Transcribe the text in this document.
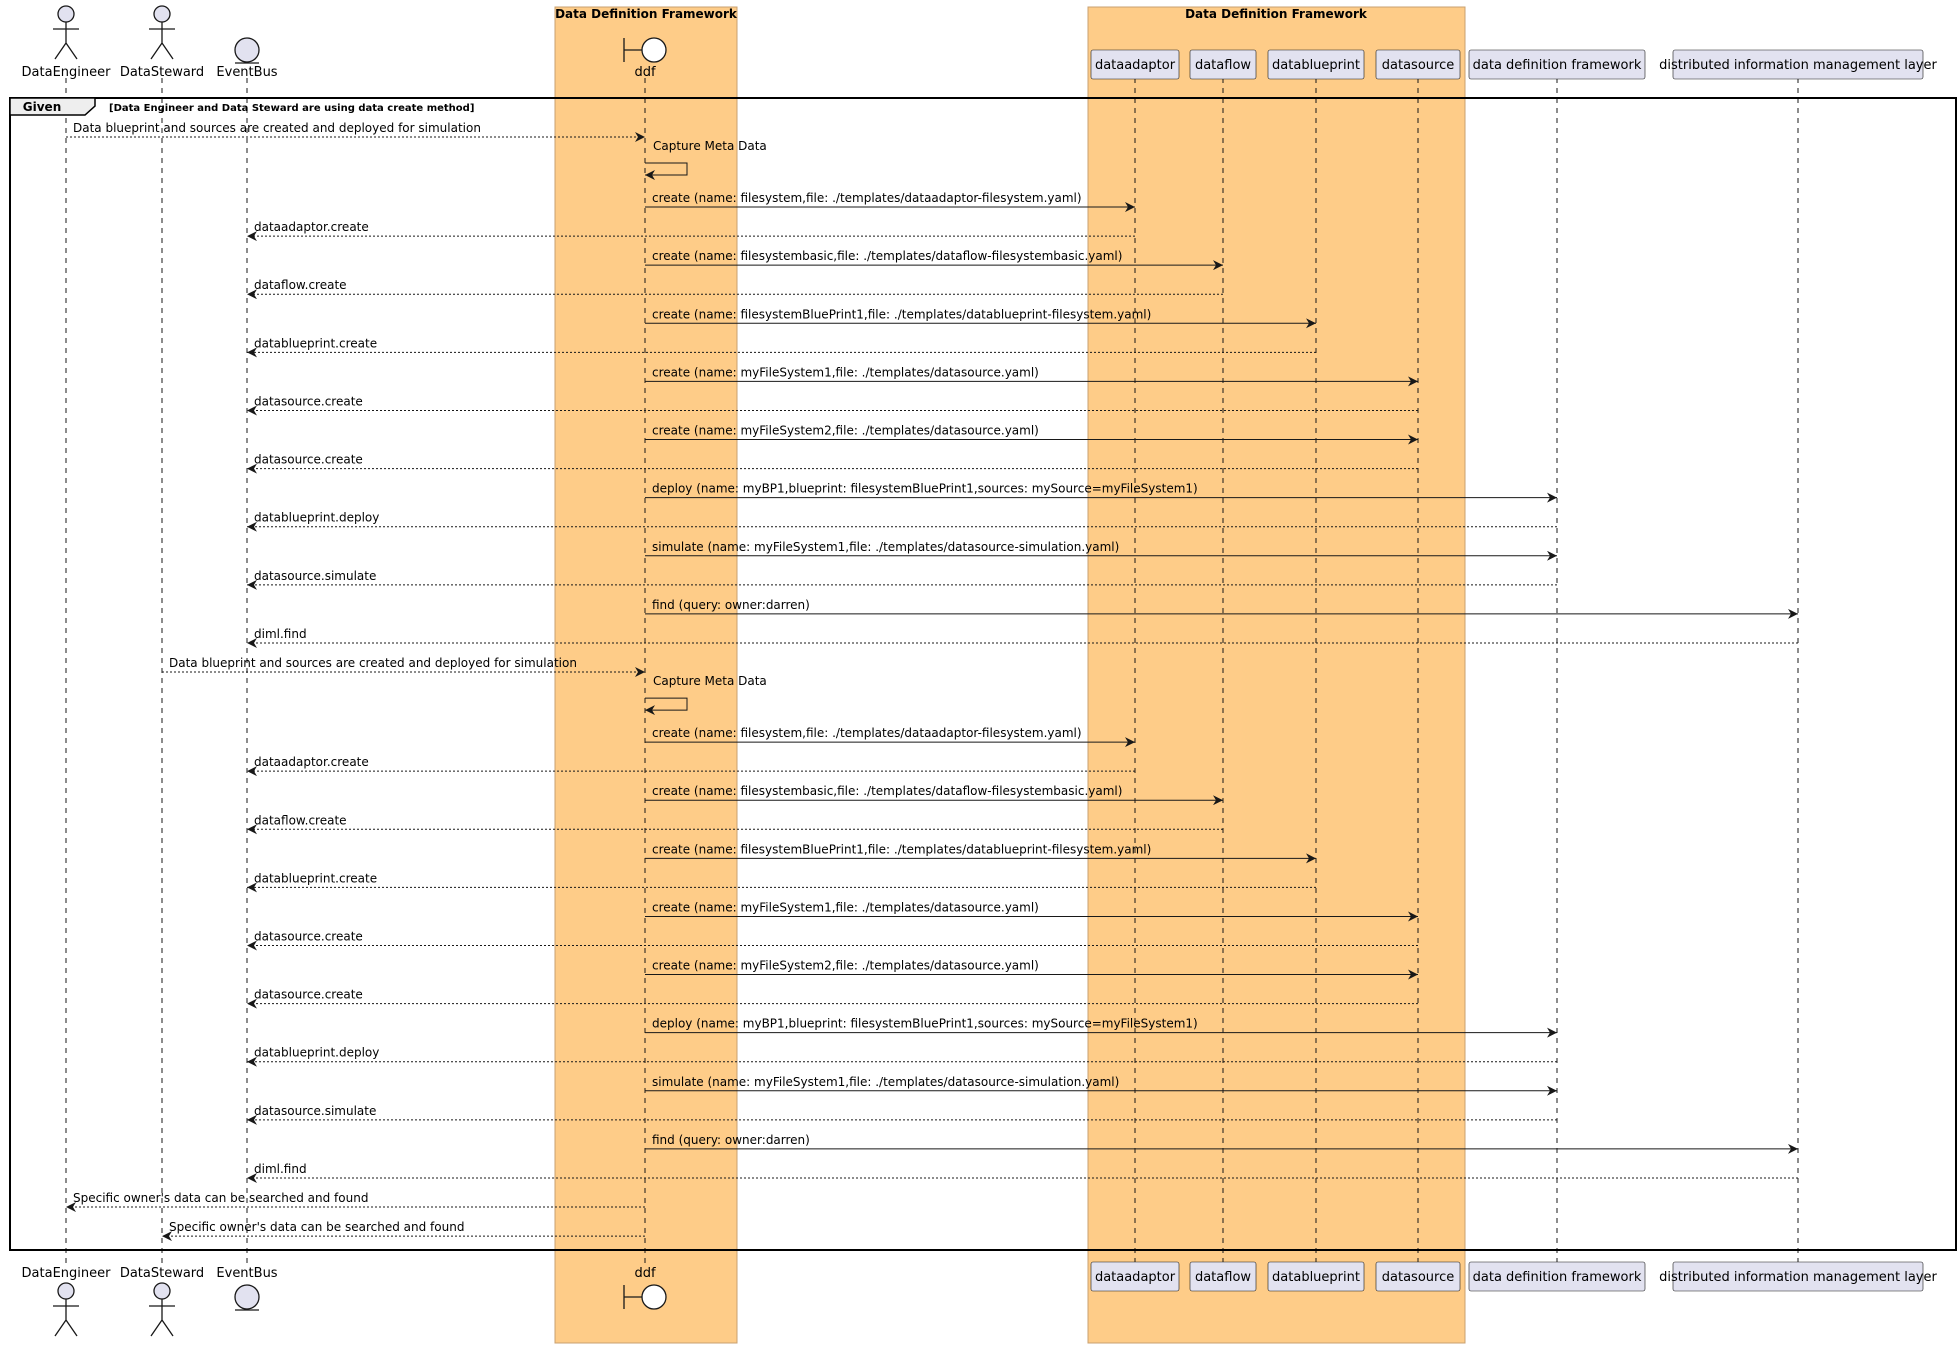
Data Definition Framework	Data Definition Framework
Given	[Data Engineer and Data Steward are using data create method]
Data blueprint and sources are created and deployed for simulation
Capture Meta Data
create (name: filesystem,file: ./templates/dataadaptor-filesystem.yaml)
dataadaptor.create
create (name: filesystembasic,file: ./templates/dataflow-filesystembasic.yaml)
dataflow.create
create (name: filesystemBluePrint1,file: ./templates/datablueprint-filesystem.yaml)
datablueprint.create
create (name: myFileSystem1,file: ./templates/datasource.yaml)
datasource.create
create (name: myFileSystem2,file: ./templates/datasource.yaml)
datasource.create
deploy (name: myBP1,blueprint: filesystemBluePrint1,sources: mySource=myFileSystem1)
datablueprint.deploy
simulate (name: myFileSystem1,file: ./templates/datasource-simulation.yaml)
datasource.simulate
find (query: owner:darren)
diml.find
Data blueprint and sources are created and deployed for simulation
Capture Meta Data
create (name: filesystem,file: ./templates/dataadaptor-filesystem.yaml)
dataadaptor.create
create (name: filesystembasic,file: ./templates/dataflow-filesystembasic.yaml)
dataflow.create
create (name: filesystemBluePrint1,file: ./templates/datablueprint-filesystem.yaml)
datablueprint.create
create (name: myFileSystem1,file: ./templates/datasource.yaml)
datasource.create
create (name: myFileSystem2,file: ./templates/datasource.yaml)
datasource.create
deploy (name: myBP1,blueprint: filesystemBluePrint1,sources: mySource=myFileSystem1)
datablueprint.deploy
simulate (name: myFileSystem1,file: ./templates/datasource-simulation.yaml)
datasource.simulate
find (query: owner:darren)
diml.find
Specific owner's data can be searched and found
Specific owner's data can be searched and found
DataEngineer
DataEngineer
DataSteward
DataSteward
EventBus
EventBus
ddf
ddf
dataadaptor
dataadaptor
dataflow
dataflow
datablueprint
datablueprint
datasource
datasource
data definition framework
data definition framework
distributed information management layer
distributed information management layer
